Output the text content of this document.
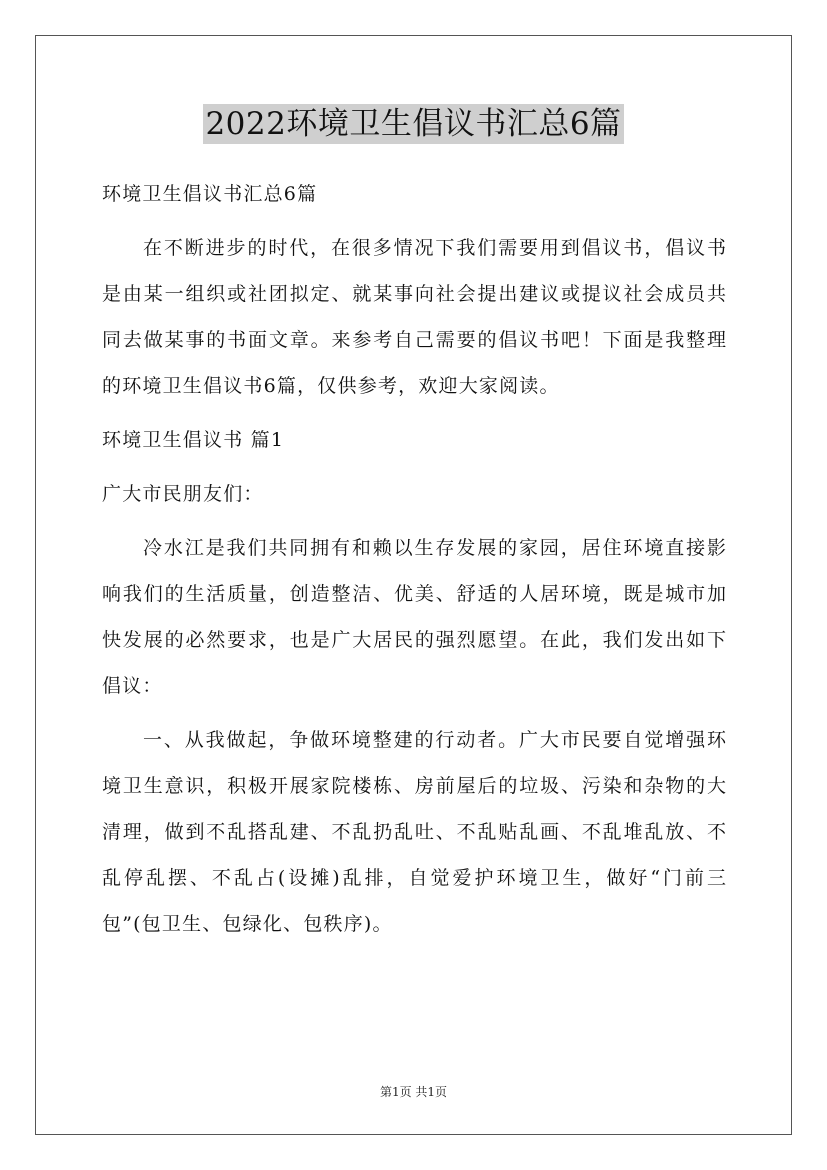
2022环境卫生倡议书汇总6篇
环境卫生倡议书汇总6篇
在不断进步的时代，在很多情况下我们需要用到倡议书，倡议书
是由某一组织或社团拟定、就某事向社会提出建议或提议社会成员共
同去做某事的书面文章。来参考自己需要的倡议书吧！下面是我整理
的环境卫生倡议书6篇，仅供参考，欢迎大家阅读。
环境卫生倡议书 篇1
广大市民朋友们：
冷水江是我们共同拥有和赖以生存发展的家园，居住环境直接影
响我们的生活质量，创造整洁、优美、舒适的人居环境，既是城市加
快发展的必然要求，也是广大居民的强烈愿望。在此，我们发出如下
倡议：
一、从我做起，争做环境整建的行动者。广大市民要自觉增强环
境卫生意识，积极开展家院楼栋、房前屋后的垃圾、污染和杂物的大
清理，做到不乱搭乱建、不乱扔乱吐、不乱贴乱画、不乱堆乱放、不
乱停乱摆、不乱占(设摊)乱排，自觉爱护环境卫生，做好“门前三
包”(包卫生、包绿化、包秩序)。
第1页 共1页
